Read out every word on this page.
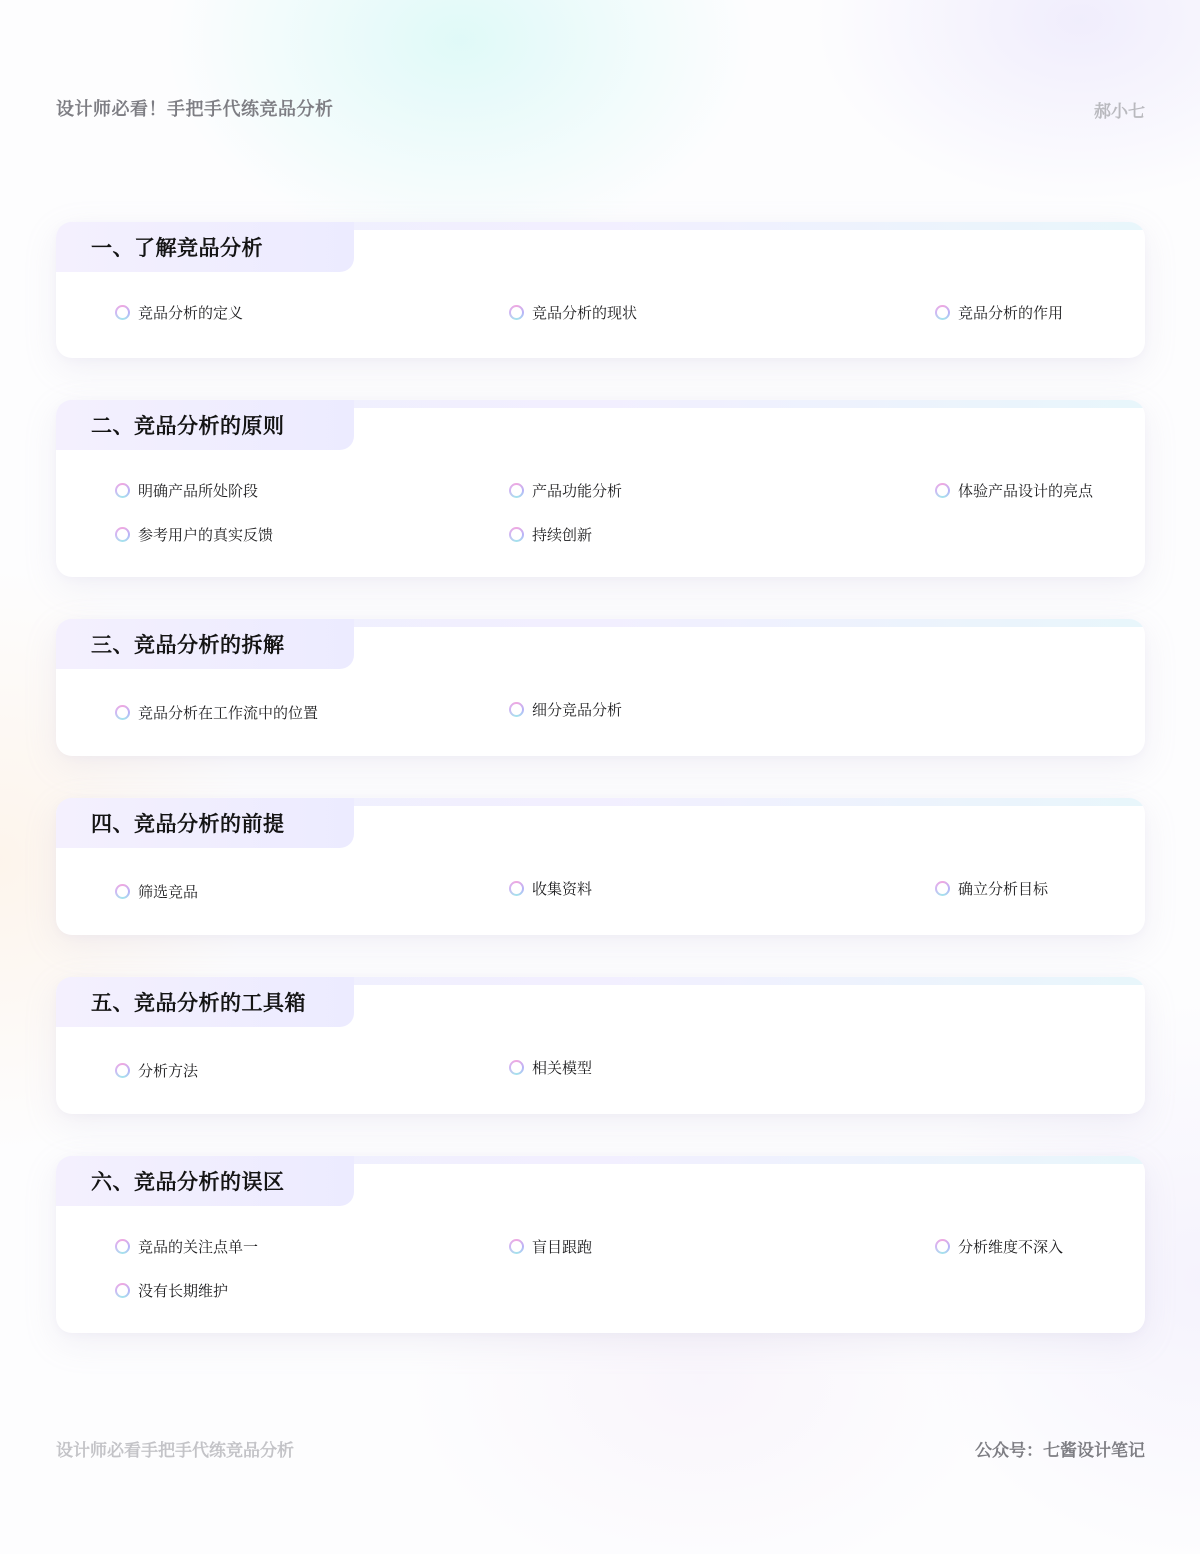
设计师必看！手把手代练竞品分析	郝小七
一、了解竞品分析
竞品分析的定义	竞品分析的现状	竞品分析的作用
二、竞品分析的原则
明确产品所处阶段	产品功能分析	体验产品设计的亮点
参考用户的真实反馈	持续创新
三、竞品分析的拆解
竞品分析在工作流中的位置	细分竞品分析
四、竞品分析的前提
筛选竞品	收集资料	确立分析目标
五、竞品分析的工具箱
分析方法	相关模型
六、竞品分析的误区
竞品的关注点单一	盲目跟跑	分析维度不深入
没有长期维护
设计师必看手把手代练竞品分析	公众号：七酱设计笔记
